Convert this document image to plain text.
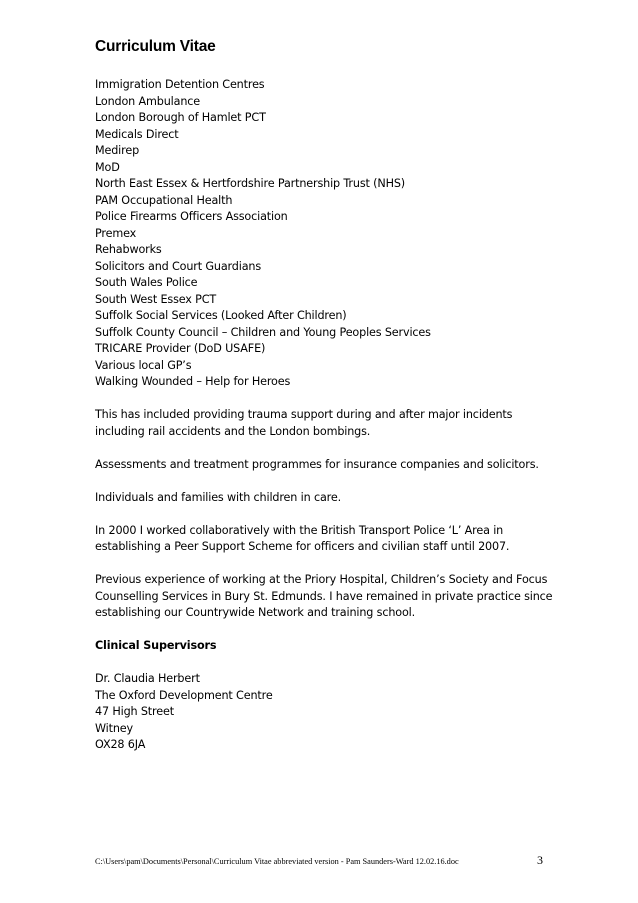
Curriculum Vitae
Immigration Detention Centres
London Ambulance
London Borough of Hamlet PCT
Medicals Direct
Medirep
MoD
North East Essex & Hertfordshire Partnership Trust (NHS)
PAM Occupational Health
Police Firearms Officers Association
Premex
Rehabworks
Solicitors and Court Guardians
South Wales Police
South West Essex PCT
Suffolk Social Services (Looked After Children)
Suffolk County Council – Children and Young Peoples Services
TRICARE Provider (DoD USAFE)
Various local GP’s
Walking Wounded – Help for Heroes

This has included providing trauma support during and after major incidents including rail accidents and the London bombings.

Assessments and treatment programmes for insurance companies and solicitors.

Individuals and families with children in care.

In 2000 I worked collaboratively with the British Transport Police ‘L’ Area in establishing a Peer Support Scheme for officers and civilian staff until 2007.

Previous experience of working at the Priory Hospital, Children’s Society and Focus Counselling Services in Bury St. Edmunds. I have remained in private practice since establishing our Countrywide Network and training school.

Clinical Supervisors

Dr. Claudia Herbert
The Oxford Development Centre
47 High Street
Witney
OX28 6JA
C:\Users\pam\Documents\Personal\Curriculum Vitae abbreviated version - Pam Saunders-Ward 12.02.16.doc	3
